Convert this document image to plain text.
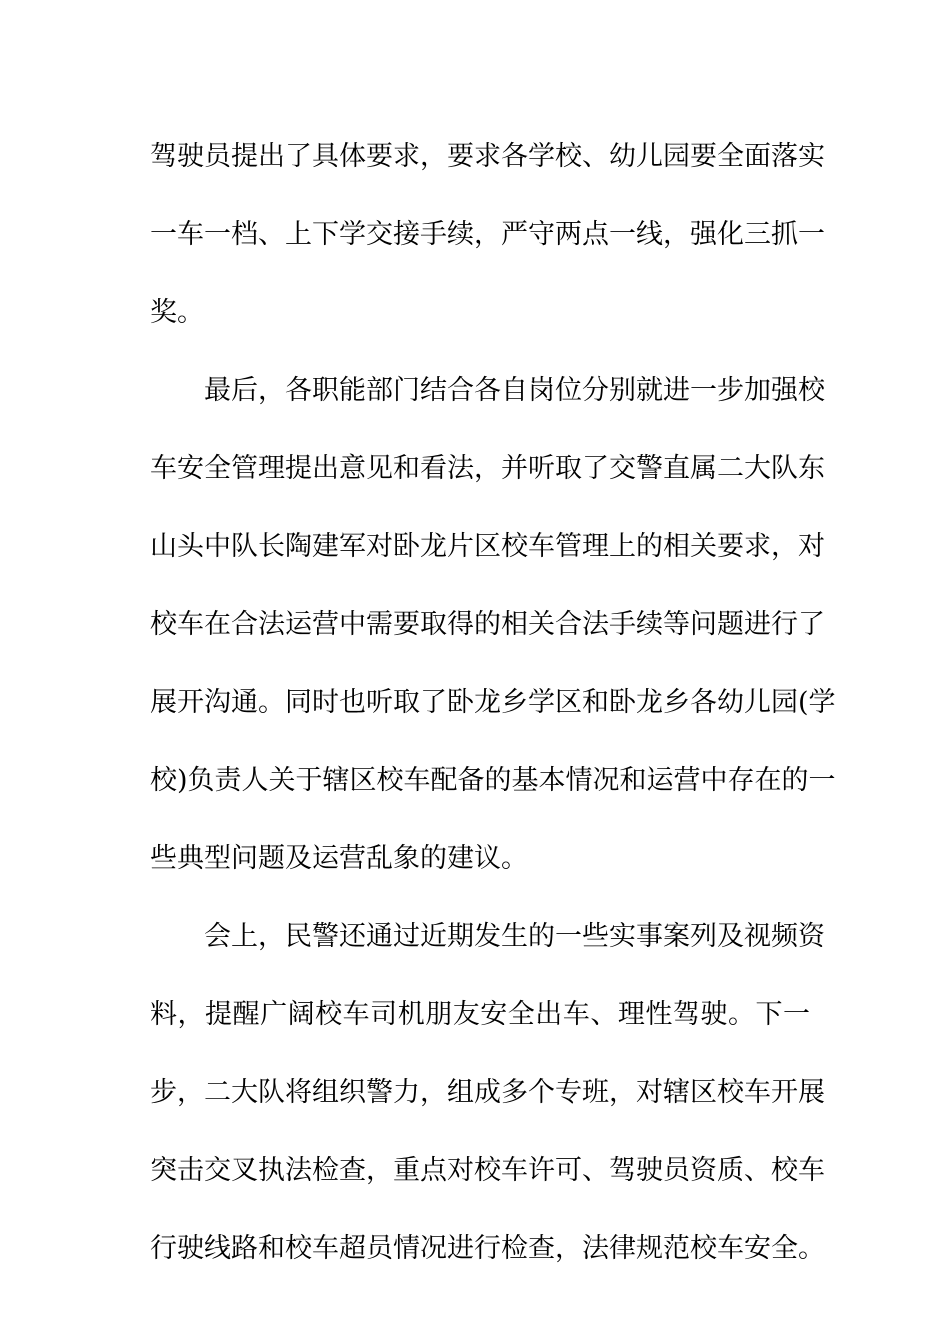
驾驶员提出了具体要求，要求各学校、幼儿园要全面落实
一车一档、上下学交接手续，严守两点一线，强化三抓一
奖。
最后，各职能部门结合各自岗位分别就进一步加强校
车安全管理提出意见和看法，并听取了交警直属二大队东
山头中队长陶建军对卧龙片区校车管理上的相关要求，对
校车在合法运营中需要取得的相关合法手续等问题进行了
展开沟通。同时也听取了卧龙乡学区和卧龙乡各幼儿园(学
校)负责人关于辖区校车配备的基本情况和运营中存在的一
些典型问题及运营乱象的建议。
会上，民警还通过近期发生的一些实事案列及视频资
料，提醒广阔校车司机朋友安全出车、理性驾驶。下一
步，二大队将组织警力，组成多个专班，对辖区校车开展
突击交叉执法检查，重点对校车许可、驾驶员资质、校车
行驶线路和校车超员情况进行检查，法律规范校车安全。
